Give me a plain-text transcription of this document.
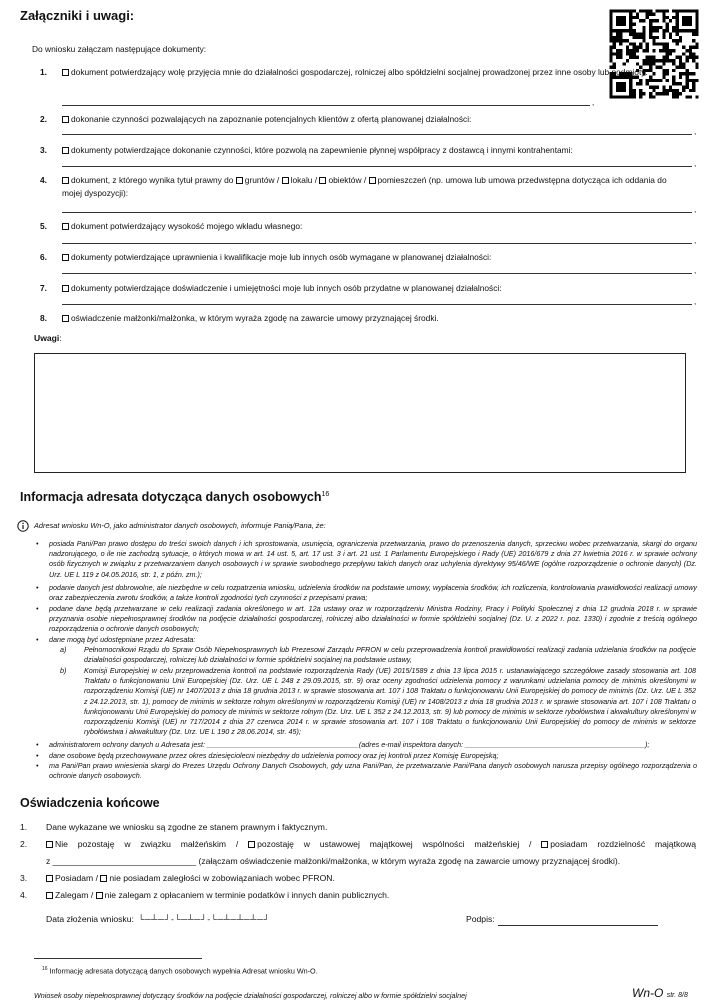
Załączniki i uwagi:
Do wniosku załączam następujące dokumenty:
1.	dokument potwierdzający wolę przyjęcia mnie do działalności gospodarczej, rolniczej albo spółdzielni socjalnej prowadzonej przez inne osoby lub podmioty:
,
2.	dokonanie czynności pozwalających na zapoznanie potencjalnych klientów z ofertą planowanej działalności:
,
3.	dokumenty potwierdzające dokonanie czynności, które pozwolą na zapewnienie płynnej współpracy z dostawcą i innymi kontrahentami:
,
4.	dokument, z którego wynika tytuł prawny do gruntów / lokalu / obiektów / pomieszczeń (np. umowa lub umowa przedwstępna dotycząca ich oddania do mojej dyspozycji):
,
5.	dokument potwierdzający wysokość mojego wkładu własnego:
,
6.	dokumenty potwierdzające uprawnienia i kwalifikacje moje lub innych osób wymagane w planowanej działalności:
,
7.	dokumenty potwierdzające doświadczenie i umiejętności moje lub innych osób przydatne w planowanej działalności:
,
8.	oświadczenie małżonki/małżonka, w którym wyraża zgodę na zawarcie umowy przyznającej środki.
Uwagi:
Informacja adresata dotycząca danych osobowych$^{16}$
Adresat wniosku Wn-O, jako administrator danych osobowych, informuje Panią/Pana, że:
• posiada Pani/Pan prawo dostępu do treści swoich danych i ich sprostowania, usunięcia, ograniczenia przetwarzania, prawo do przenoszenia danych, sprzeciwu wobec przetwarzania, skargi do organu nadzorującego, o ile nie zachodzą sytuacje, o których mowa w art. 14 ust. 5, art. 17 ust. 3 i art. 21 ust. 1 Parlamentu Europejskiego i Rady (UE) 2016/679 z dnia 27 kwietnia 2016 r. w sprawie ochrony osób fizycznych w związku z przetwarzaniem danych osobowych i w sprawie swobodnego przepływu takich danych oraz uchylenia dyrektywy 95/46/WE (ogólne rozporządzenie o ochronie danych) (Dz. Urz. UE L 119 z 04.05.2016, str. 1, z późn. zm.);
• podanie danych jest dobrowolne, ale niezbędne w celu rozpatrzenia wniosku, udzielenia środków na podstawie umowy, wypłacenia środków, ich rozliczenia, kontrolowania prawidłowości realizacji umowy oraz zabezpieczenia zwrotu środków, a także kontroli zgodności tych czynności z przepisami prawa;
• podane dane będą przetwarzane w celu realizacji zadania określonego w art. 12a ustawy oraz w rozporządzeniu Ministra Rodziny, Pracy i Polityki Społecznej z dnia 12 grudnia 2018 r. w sprawie przyznania osobie niepełnosprawnej środków na podjęcie działalności gospodarczej, rolniczej albo działalności w formie spółdzielni socjalnej (Dz. U. z 2022 r. poz. 1330) i zgodnie z treścią ogólnego rozporządzenia o ochronie danych osobowych;
• dane mogą być udostępniane przez Adresata:
a) Pełnomocnikowi Rządu do Spraw Osób Niepełnosprawnych lub Prezesowi Zarządu PFRON w celu przeprowadzenia kontroli prawidłowości realizacji zadania udzielania środków na podjęcie działalności gospodarczej, rolniczej lub działalności w formie spółdzielni socjalnej na podstawie ustawy,
b) Komisji Europejskiej w celu przeprowadzenia kontroli na podstawie rozporządzenia Rady (UE) 2015/1589 z dnia 13 lipca 2015 r. ustanawiającego szczegółowe zasady stosowania art. 108 Traktatu o funkcjonowaniu Unii Europejskiej (Dz. Urz. UE L 248 z 29.09.2015, str. 9) oraz oceny zgodności udzielenia pomocy z warunkami udzielania pomocy de minimis określonymi w rozporządzeniu Komisji (UE) nr 1407/2013 z dnia 18 grudnia 2013 r. w sprawie stosowania art. 107 i 108 Traktatu o funkcjonowaniu Unii Europejskiej do pomocy de minimis (Dz. Urz. UE L 352 z 24.12.2013, str. 1), pomocy de minimis w sektorze rolnym określonymi w rozporządzeniu Komisji (UE) nr 1408/2013 z dnia 18 grudnia 2013 r. w sprawie stosowania art. 107 i 108 Traktatu o funkcjonowaniu Unii Europejskiej do pomocy de minimis w sektorze rolnym (Dz. Urz. UE L 352 z 24.12.2013, str. 9) lub pomocy de minimis w sektorze rybołówstwa i akwakultury określonymi w rozporządzeniu Komisji (UE) nr 717/2014 z dnia 27 czerwca 2014 r. w sprawie stosowania art. 107 i 108 Traktatu o funkcjonowaniu Unii Europejskiej do pomocy de minimis w sektorze rybołówstwa i akwakultury (Dz. Urz. UE L 190 z 28.06.2014, str. 45);
• administratorem ochrony danych u Adresata jest: ______________________________________(adres e-mail inspektora danych: _____________________________________________);
• dane osobowe będą przechowywane przez okres dziesięciolecni niezbędny do udzielenia pomocy oraz jej kontroli przez Komisję Europejską;
• ma Pani/Pan prawo wniesienia skargi do Prezes Urzędu Ochrony Danych Osobowych, gdy uzna Pani/Pan, że przetwarzanie Pani/Pana danych osobowych narusza przepisy ogólnego rozporządzenia o ochronie danych osobowych.
Oświadczenia końcowe
1. Dane wykazane we wniosku są zgodne ze stanem prawnym i faktycznym.
2.	Nie pozostaję w związku małżeńskim / pozostaję w ustawowej majątkowej wspólności małżeńskiej / posiadam rozdzielność majątkową
z ______________________________ (załączam oświadczenie małżonki/małżonka, w którym wyraża zgodę na zawarcie umowy przyznającej środki).
3.	Posiadam / nie posiadam zaległości w zobowiązaniach wobec PFRON.
4.	Zalegam / nie zalegam z opłacaniem w terminie podatków i innych danin publicznych.
Data złożenia wniosku: └─┴─┘-└─┴─┘-└─┴─┴─┴─┘	Podpis:
$^{16}$ Informację adresata dotyczącą danych osobowych wypełnia Adresat wniosku Wn-O.
Wniosek osoby niepełnosprawnej dotyczący środków na podjęcie działalności gospodarczej, rolniczej albo w formie spółdzielni socjalnej	Wn-O str. 8/8
